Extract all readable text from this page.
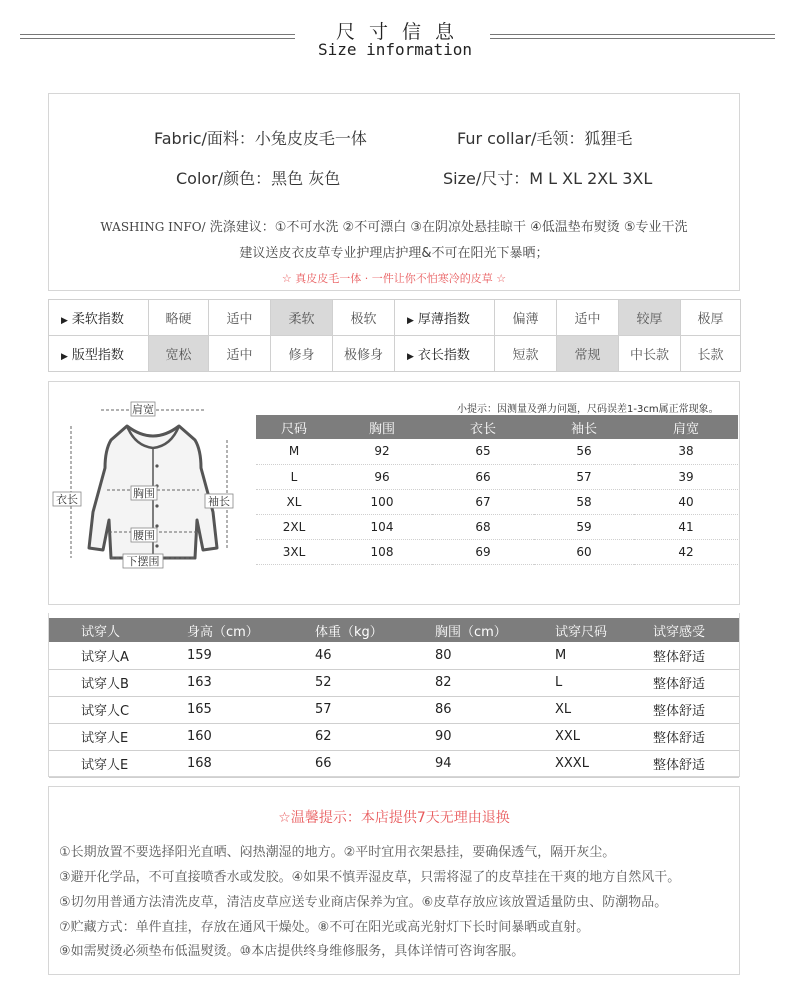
尺寸信息
Size information
Fabric/面料：小兔皮皮毛一体	Fur collar/毛领：狐狸毛
Color/颜色：黑色 灰色	Size/尺寸：M L XL 2XL 3XL
WASHING INFO/ 洗涤建议：①不可水洗 ②不可漂白 ③在阴凉处悬挂晾干 ④低温垫布熨烫 ⑤专业干洗
建议送皮衣皮草专业护理店护理&不可在阳光下暴晒；
☆ 真皮皮毛一体 · 一件让你不怕寒冷的皮草 ☆
▶ 柔软指数	略硬	适中	柔软	极软	▶ 厚薄指数	偏薄	适中	较厚	极厚
▶ 版型指数	宽松	适中	修身	极修身	▶ 衣长指数	短款	常规	中长款	长款
肩宽
衣长	胸围
袖长
腰围
下摆围
小提示：因测量及弹力问题，尺码误差1-3cm属正常现象。
尺码	胸围	衣长	袖长	肩宽
M	92	65	56	38
L	96	66	57	39
XL	100	67	58	40
2XL	104	68	59	41
3XL	108	69	60	42
试穿人	身高（cm）	体重（kg）	胸围（cm）	试穿尺码	试穿感受
试穿人A	159	46	80	M	整体舒适
试穿人B	163	52	82	L	整体舒适
试穿人C	165	57	86	XL	整体舒适
试穿人E	160	62	90	XXL	整体舒适
试穿人E	168	66	94	XXXL	整体舒适
☆温馨提示：本店提供7天无理由退换
①长期放置不要选择阳光直晒、闷热潮湿的地方。②平时宜用衣架悬挂，要确保透气，隔开灰尘。
③避开化学品，不可直接喷香水或发胶。④如果不慎弄湿皮草，只需将湿了的皮草挂在干爽的地方自然风干。
⑤切勿用普通方法清洗皮草，清洁皮草应送专业商店保养为宜。⑥皮草存放应该放置适量防虫、防潮物品。
⑦贮藏方式：单件直挂，存放在通风干燥处。⑧不可在阳光或高光射灯下长时间暴晒或直射。
⑨如需熨烫必须垫布低温熨烫。⑩本店提供终身维修服务，具体详情可咨询客服。
